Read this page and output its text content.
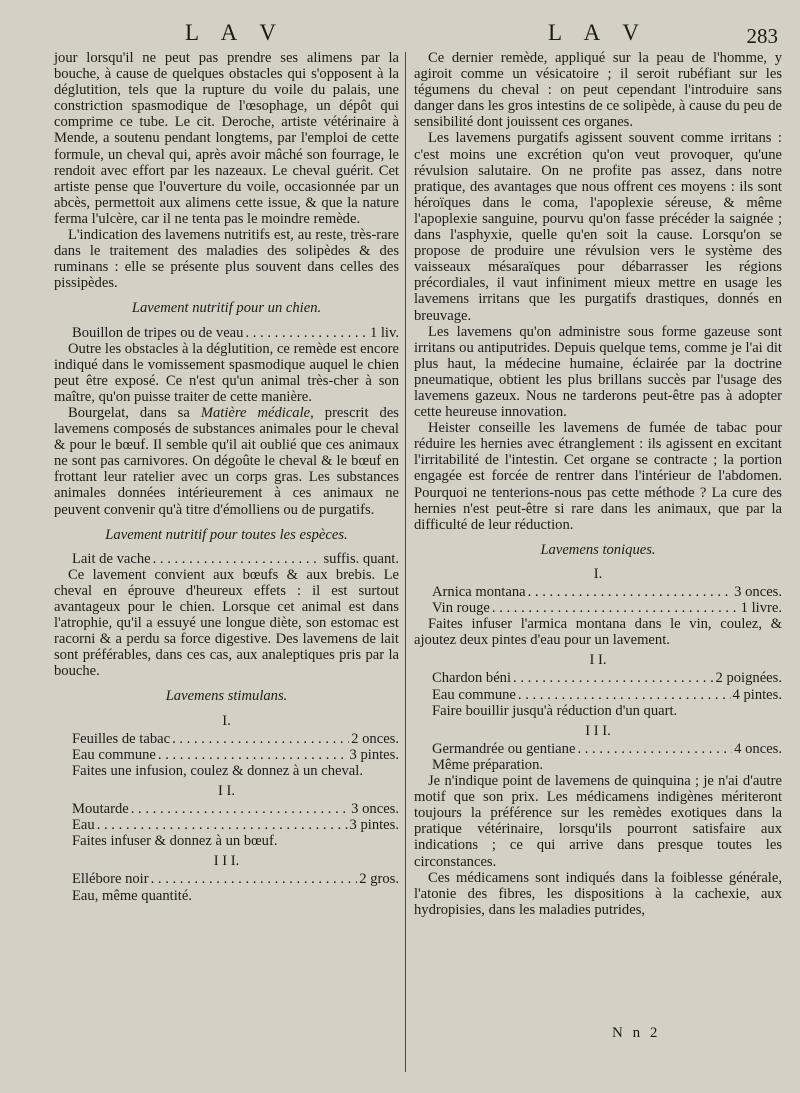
L A V	L A V	283

jour lorsqu'il ne peut pas prendre ses alimens par la bouche, à cause de quelques obstacles qui s'opposent à la déglutition, tels que la rupture du voile du palais, une constriction spasmodique de l'œsophage, un dépôt qui comprime ce tube. Le cit. Deroche, artiste vétérinaire à Mende, a soutenu pendant longtems, par l'emploi de cette formule, un cheval qui, après avoir mâché son fourrage, le rendoit avec effort par les nazeaux. Le cheval guérit. Cet artiste pense que l'ouverture du voile, occasionnée par un abcès, permettoit aux alimens cette issue, & que la nature ferma l'ulcère, car il ne tenta pas le moindre remède.

L'indication des lavemens nutritifs est, au reste, très-rare dans le traitement des maladies des solipèdes & des ruminans : elle se présente plus souvent dans celles des pissipèdes.

Lavement nutritif pour un chien.
Bouillon de tripes ou de veau . . .	1 liv.

Outre les obstacles à la déglutition, ce remède est encore indiqué dans le vomissement spasmodique auquel le chien peut être exposé. Ce n'est qu'un animal très-cher à son maître, qu'on puisse traiter de cette manière.

Bourgelat, dans sa Matière médicale, prescrit des lavemens composés de substances animales pour le cheval & pour le bœuf. Il semble qu'il ait oublié que ces animaux ne sont pas carnivores. On dégoûte le cheval & le bœuf en frottant leur ratelier avec un corps gras. Les substances animales données intérieurement à ces animaux ne peuvent convenir qu'à titre d'émolliens ou de purgatifs.

Lavement nutritif pour toutes les espèces.
Lait de vache . . .	suffis. quant.

Ce lavement convient aux bœufs & aux brebis. Le cheval en éprouve d'heureux effets : il est surtout avantageux pour le chien. Lorsque cet animal est dans l'atrophie, qu'il a essuyé une longue diète, son estomac est racorni & a perdu sa force digestive. Des lavemens de lait sont préférables, dans ces cas, aux analeptiques pris par la bouche.

Lavemens stimulans.
I.
Feuilles de tabac . . .	2 onces.
Eau commune . . .	3 pintes.
Faites une infusion, coulez & donnez à un cheval.
I I.
Moutarde . . .	3 onces.
Eau . . .	3 pintes.
Faites infuser & donnez à un bœuf.
I I I.
Ellébore noir . . .	2 gros.
Eau, même quantité.

Ce dernier remède, appliqué sur la peau de l'homme, y agiroit comme un vésicatoire ; il seroit rubéfiant sur les tégumens du cheval : on peut cependant l'introduire sans danger dans les gros intestins de ce solipède, à cause du peu de sensibilité dont jouissent ces organes.

Les lavemens purgatifs agissent souvent comme irritans : c'est moins une excrétion qu'on veut provoquer, qu'une révulsion salutaire. On ne profite pas assez, dans notre pratique, des avantages que nous offrent ces moyens : ils sont héroïques dans le coma, l'apoplexie séreuse, & même l'apoplexie sanguine, pourvu qu'on fasse précéder la saignée ; dans l'asphyxie, quelle qu'en soit la cause. Lorsqu'on se propose de produire une révulsion vers le système des vaisseaux mésaraïques pour débarrasser les régions précordiales, il vaut infiniment mieux mettre en usage les lavemens irritans que les purgatifs drastiques, donnés en breuvage.

Les lavemens qu'on administre sous forme gazeuse sont irritans ou antiputrides. Depuis quelque tems, comme je l'ai dit plus haut, la médecine humaine, éclairée par la doctrine pneumatique, obtient les plus brillans succès par l'usage des lavemens gazeux. Nous ne tarderons peut-être pas à adopter cette heureuse innovation.

Heister conseille les lavemens de fumée de tabac pour réduire les hernies avec étranglement : ils agissent en excitant l'irritabilité de l'intestin. Cet organe se contracte ; la portion engagée est forcée de rentrer dans l'intérieur de l'abdomen. Pourquoi ne tenterions-nous pas cette méthode ? La cure des hernies n'est peut-être si rare dans les animaux, que par la difficulté de leur réduction.

Lavemens toniques.
I.
Arnica montana . . .	3 onces.
Vin rouge . . .	1 livre.

Faites infuser l'armica montana dans le vin, coulez, & ajoutez deux pintes d'eau pour un lavement.

I I.
Chardon béni . . .	2 poignées.
Eau commune . . .	4 pintes.
Faire bouillir jusqu'à réduction d'un quart.
I I I.
Germandrée ou gentiane . . .	4 onces.
Même préparation.

Je n'indique point de lavemens de quinquina ; je n'ai d'autre motif que son prix. Les médicamens indigènes mériteront toujours la préférence sur les remèdes exotiques dans la pratique vétérinaire, lorsqu'ils pourront satisfaire aux indications ; ce qui arrive dans presque toutes les circonstances.

Ces médicamens sont indiqués dans la foiblesse générale, l'atonie des fibres, les dispositions à la cachexie, aux hydropisies, dans les maladies putrides,

N n 2
